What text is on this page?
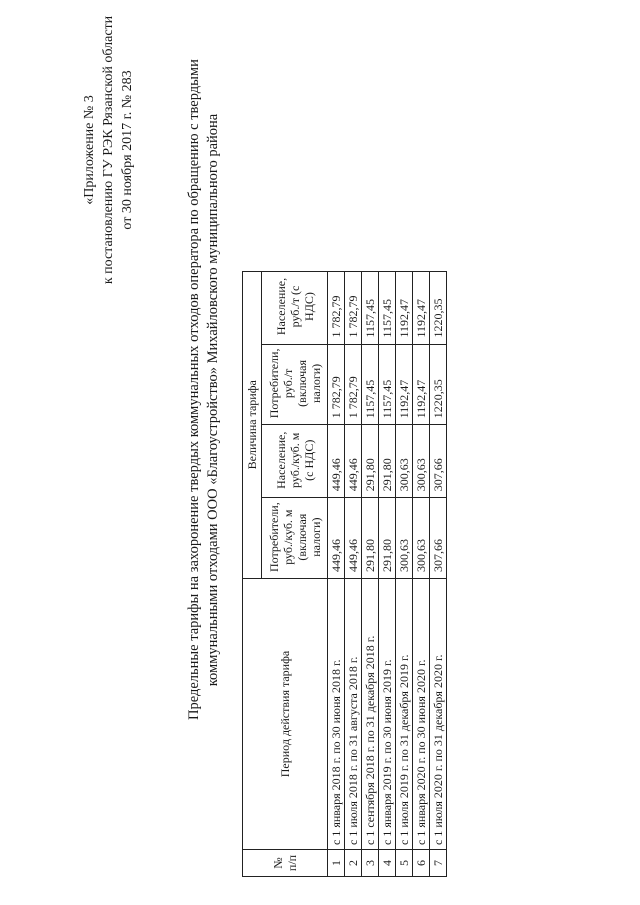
«Приложение № 3 к постановлению ГУ РЭК Рязанской области от 30 ноября 2017 г. № 283	Предельные тарифы на захоронение твердых коммунальных отходов оператора по обращению с твердыми коммунальными отходами ООО «Благоустройство» Михайловского муниципального района
№ п/п	Период действия тарифа	Величина тарифа			
		Потребители, руб./куб. м (включая налоги)	Население, руб./куб. м (с НДС)	Потребители, руб./т (включая налоги)	Население, руб./т (с НДС)
1	с 1 января 2018 г. по 30 июня 2018 г.	449,46	449,46	1 782,79	1 782,79
2	с 1 июля 2018 г. по 31 августа 2018 г.	449,46	449,46	1 782,79	1 782,79
3	с 1 сентября 2018 г. по 31 декабря 2018 г.	291,80	291,80	1157,45	1157,45
4	с 1 января 2019 г. по 30 июня 2019 г.	291,80	291,80	1157,45	1157,45
5	с 1 июля 2019 г. по 31 декабря 2019 г.	300,63	300,63	1192,47	1192,47
6	с 1 января 2020 г. по 30 июня 2020 г.	300,63	300,63	1192,47	1192,47
7	с 1 июля 2020 г. по 31 декабря 2020 г.	307,66	307,66	1220,35	1220,35
